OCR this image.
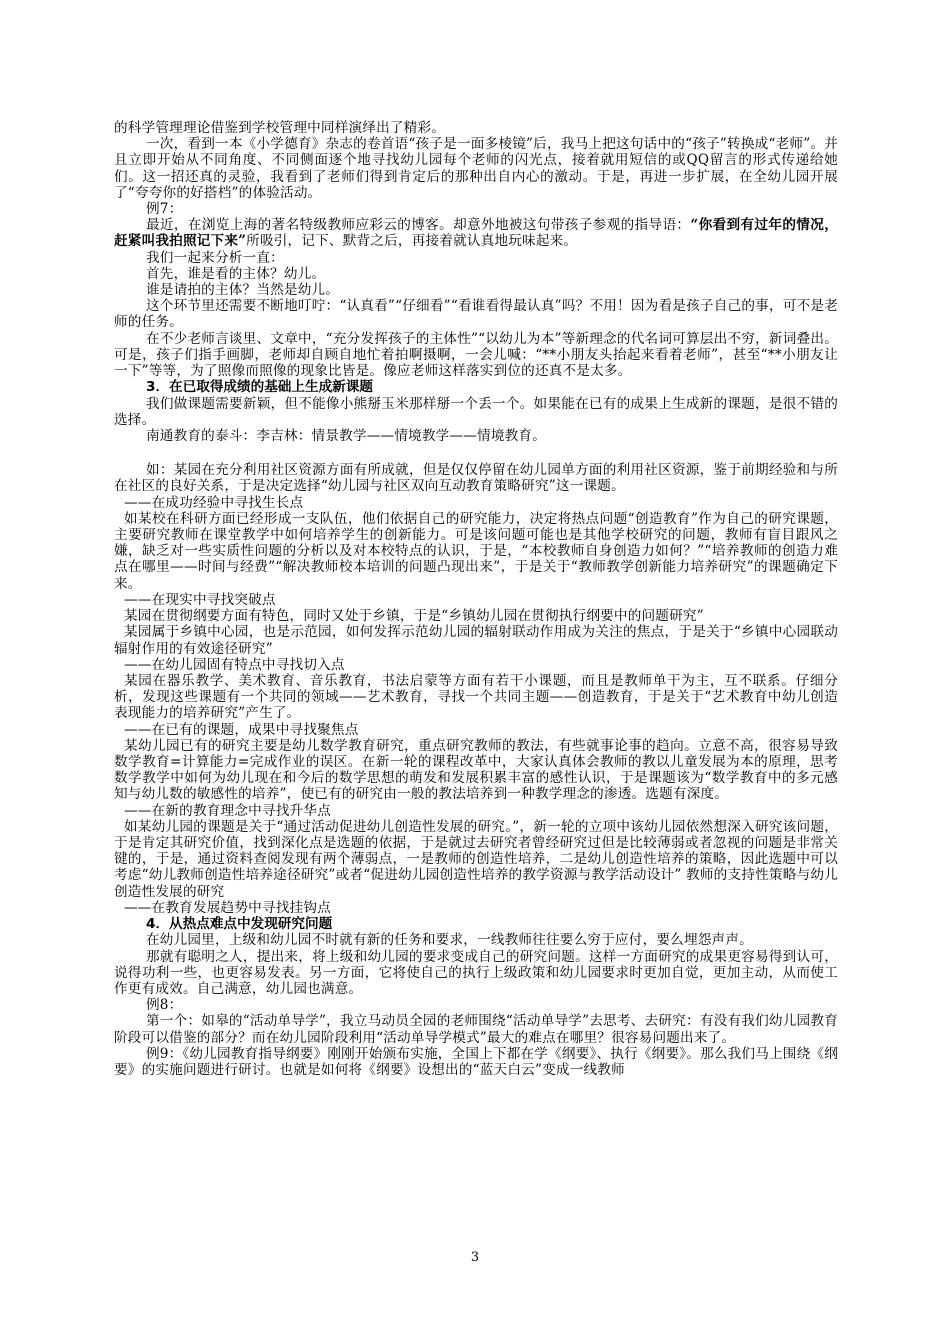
的科学管理理论借鉴到学校管理中同样演绎出了精彩。

一次，看到一本《小学德育》杂志的卷首语“孩子是一面多棱镜”后，我马上把这句话中的“孩子”转换成“老师”。并且立即开始从不同角度、不同侧面逐个地寻找幼儿园每个老师的闪光点，接着就用短信的或QQ留言的形式传递给她们。这一招还真的灵验，我看到了老师们得到肯定后的那种出自内心的激动。于是，再进一步扩展，在全幼儿园开展了“夸夸你的好搭档”的体验活动。

例7：

最近，在浏览上海的著名特级教师应彩云的博客。却意外地被这句带孩子参观的指导语：“你看到有过年的情况，赶紧叫我拍照记下来”所吸引，记下、默背之后，再接着就认真地玩味起来。

我们一起来分析一直：

首先，谁是看的主体？幼儿。

谁是请拍的主体？当然是幼儿。

这个环节里还需要不断地叮咛：“认真看”“仔细看”“看谁看得最认真”吗？不用！因为看是孩子自己的事，可不是老师的任务。

在不少老师言谈里、文章中，“充分发挥孩子的主体性”“以幼儿为本”等新理念的代名词可算层出不穷，新词叠出。可是，孩子们指手画脚，老师却自顾自地忙着拍啊摄啊，一会儿喊：“**小朋友头抬起来看着老师”，甚至“**小朋友让一下”等等，为了照像而照像的现象比皆是。像应老师这样落实到位的还真不是太多。

3．在已取得成绩的基础上生成新课题

我们做课题需要新颖，但不能像小熊掰玉米那样掰一个丢一个。如果能在已有的成果上生成新的课题，是很不错的选择。

南通教育的泰斗：李吉林：情景教学——情境教学——情境教育。

如：某园在充分利用社区资源方面有所成就，但是仅仅停留在幼儿园单方面的利用社区资源，鉴于前期经验和与所在社区的良好关系，于是决定选择“幼儿园与社区双向互动教育策略研究”这一课题。

——在成功经验中寻找生长点

如某校在科研方面已经形成一支队伍，他们依据自己的研究能力，决定将热点问题“创造教育”作为自己的研究课题，主要研究教师在课堂教学中如何培养学生的创新能力。可是该问题可能也是其他学校研究的问题，教师有盲目跟风之嫌，缺乏对一些实质性问题的分析以及对本校特点的认识，于是，“本校教师自身创造力如何？”“培养教师的创造力难点在哪里——时间与经费”“解决教师校本培训的问题凸现出来”，于是关于“教师教学创新能力培养研究”的课题确定下来。

——在现实中寻找突破点

某园在贯彻纲要方面有特色，同时又处于乡镇，于是“乡镇幼儿园在贯彻执行纲要中的问题研究”

某园属于乡镇中心园，也是示范园，如何发挥示范幼儿园的辐射联动作用成为关注的焦点，于是关于“乡镇中心园联动辐射作用的有效途径研究”

——在幼儿园固有特点中寻找切入点

某园在器乐教学、美术教育、音乐教育，书法启蒙等方面有若干小课题，而且是教师单干为主，互不联系。仔细分析，发现这些课题有一个共同的领域——艺术教育，寻找一个共同主题——创造教育，于是关于“艺术教育中幼儿创造表现能力的培养研究”产生了。

——在已有的课题，成果中寻找聚焦点

某幼儿园已有的研究主要是幼儿数学教育研究，重点研究教师的教法，有些就事论事的趋向。立意不高，很容易导致数学教育=计算能力=完成作业的误区。在新一轮的课程改革中，大家认真体会教师的教以儿童发展为本的原理，思考数学教学中如何为幼儿现在和今后的数学思想的萌发和发展积累丰富的感性认识，于是课题该为“数学教育中的多元感知与幼儿数的敏感性的培养”，使已有的研究由一般的教法培养到一种教学理念的渗透。选题有深度。

——在新的教育理念中寻找升华点

如某幼儿园的课题是关于“通过活动促进幼儿创造性发展的研究。”，新一轮的立项中该幼儿园依然想深入研究该问题，于是肯定其研究价值，找到深化点是选题的依据，于是就过去研究者曾经研究过但是比较薄弱或者忽视的问题是非常关键的，于是，通过资料查阅发现有两个薄弱点，一是教师的创造性培养，二是幼儿创造性培养的策略，因此选题中可以考虑“幼儿教师创造性培养途径研究”或者“促进幼儿园创造性培养的教学资源与教学活动设计” 教师的支持性策略与幼儿创造性发展的研究

——在教育发展趋势中寻找挂钩点

4．从热点难点中发现研究问题

在幼儿园里，上级和幼儿园不时就有新的任务和要求，一线教师往往要么穷于应付，要么埋怨声声。

那就有聪明之人，提出来，将上级和幼儿园的要求变成自己的研究问题。这样一方面研究的成果更容易得到认可，说得功利一些，也更容易发表。另一方面，它将使自己的执行上级政策和幼儿园要求时更加自觉，更加主动，从而使工作更有成效。自己满意，幼儿园也满意。

例8：

第一个：如皋的“活动单导学”，我立马动员全园的老师围绕“活动单导学”去思考、去研究：有没有我们幼儿园教育阶段可以借鉴的部分？而在幼儿园阶段利用“活动单导学模式”最大的难点在哪里？很容易问题出来了。

例9：《幼儿园教育指导纲要》刚刚开始颁布实施，全国上下都在学《纲要》、执行《纲要》。那么我们马上围绕《纲要》的实施问题进行研讨。也就是如何将《纲要》设想出的“蓝天白云”变成一线教师

3
